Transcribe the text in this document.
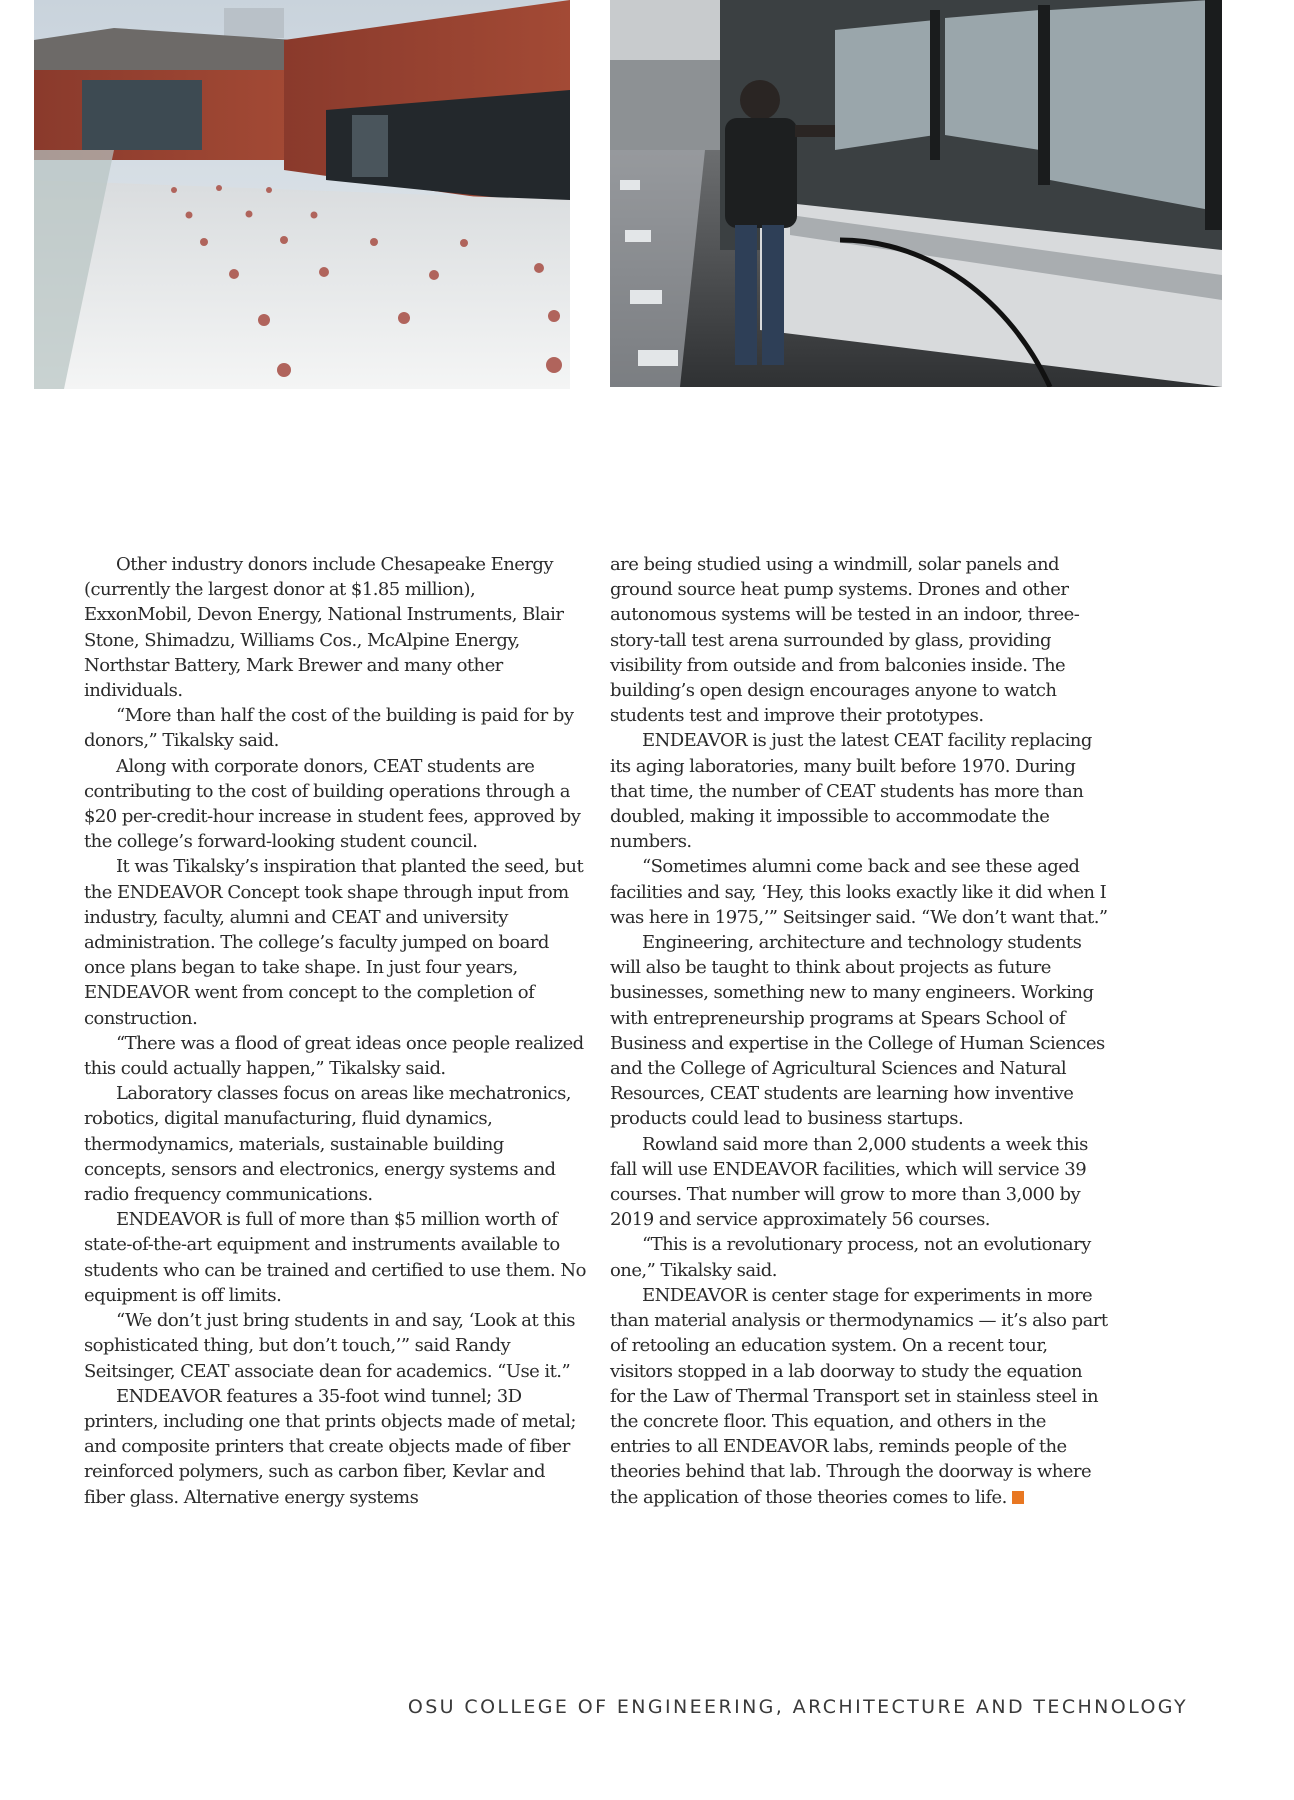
Other industry donors include Chesapeake Energy (currently the largest donor at $1.85 million), ExxonMobil, Devon Energy, National Instruments, Blair Stone, Shimadzu, Williams Cos., McAlpine Energy, Northstar Battery, Mark Brewer and many other individuals.

“More than half the cost of the building is paid for by donors,” Tikalsky said.

Along with corporate donors, CEAT students are contributing to the cost of building operations through a $20 per-credit-hour increase in student fees, approved by the college’s forward-looking student council.

It was Tikalsky’s inspiration that planted the seed, but the ENDEAVOR Concept took shape through input from industry, faculty, alumni and CEAT and university administration. The college’s faculty jumped on board once plans began to take shape. In just four years, ENDEAVOR went from concept to the completion of construction.

“There was a flood of great ideas once people realized this could actually happen,” Tikalsky said.

Laboratory classes focus on areas like mechatronics, robotics, digital manufacturing, fluid dynamics, thermodynamics, materials, sustainable building concepts, sensors and electronics, energy systems and radio frequency communications.

ENDEAVOR is full of more than $5 million worth of state-of-the-art equipment and instruments available to students who can be trained and certified to use them. No equipment is off limits.

“We don’t just bring students in and say, ‘Look at this sophisticated thing, but don’t touch,’” said Randy Seitsinger, CEAT associate dean for academics. “Use it.”

ENDEAVOR features a 35-foot wind tunnel; 3D printers, including one that prints objects made of metal; and composite printers that create objects made of fiber reinforced polymers, such as carbon fiber, Kevlar and fiber glass. Alternative energy systems

are being studied using a windmill, solar panels and ground source heat pump systems. Drones and other autonomous systems will be tested in an indoor, three-story-tall test arena surrounded by glass, providing visibility from outside and from balconies inside. The building’s open design encourages anyone to watch students test and improve their prototypes.

ENDEAVOR is just the latest CEAT facility replacing its aging laboratories, many built before 1970. During that time, the number of CEAT students has more than doubled, making it impossible to accommodate the numbers.

“Sometimes alumni come back and see these aged facilities and say, ‘Hey, this looks exactly like it did when I was here in 1975,’” Seitsinger said. “We don’t want that.”

Engineering, architecture and technology students will also be taught to think about projects as future businesses, something new to many engineers. Working with entrepreneurship programs at Spears School of Business and expertise in the College of Human Sciences and the College of Agricultural Sciences and Natural Resources, CEAT students are learning how inventive products could lead to business startups.

Rowland said more than 2,000 students a week this fall will use ENDEAVOR facilities, which will service 39 courses. That number will grow to more than 3,000 by 2019 and service approximately 56 courses.

“This is a revolutionary process, not an evolutionary one,” Tikalsky said.

ENDEAVOR is center stage for experiments in more than material analysis or thermodynamics — it’s also part of retooling an education system. On a recent tour, visitors stopped in a lab doorway to study the equation for the Law of Thermal Transport set in stainless steel in the concrete floor. This equation, and others in the entries to all ENDEAVOR labs, reminds people of the theories behind that lab. Through the doorway is where the application of those theories comes to life.

OSU COLLEGE OF ENGINEERING, ARCHITECTURE AND TECHNOLOGY
